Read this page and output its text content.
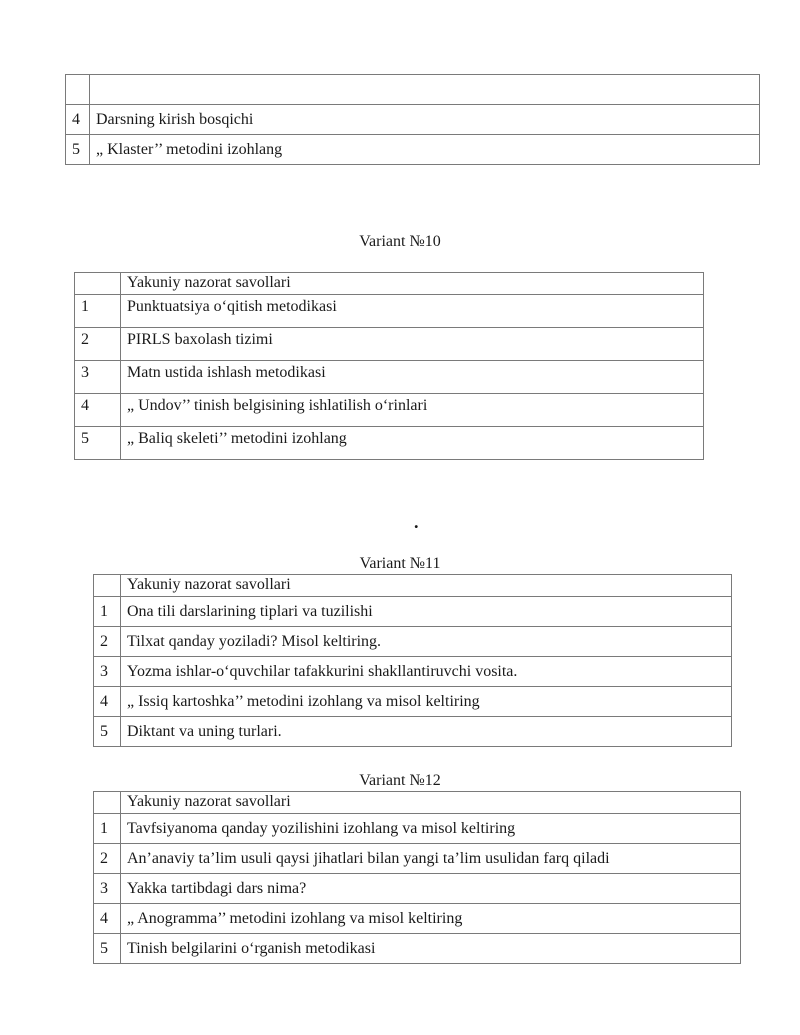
4	Darsning kirish bosqichi
5	„ Klaster’’ metodini izohlang
Variant №10
	Yakuniy nazorat savollari
1	Punktuatsiya o‘qitish metodikasi
2	PIRLS baxolash tizimi
3	Matn ustida ishlash metodikasi
4	„ Undov’’ tinish belgisining ishlatilish o‘rinlari
5	„ Baliq skeleti’’ metodini izohlang
.
Variant №11
	Yakuniy nazorat savollari
1	Ona tili darslarining tiplari va tuzilishi
2	Tilxat qanday yoziladi? Misol keltiring.
3	Yozma ishlar-o‘quvchilar tafakkurini shakllantiruvchi vosita.
4	„ Issiq kartoshka’’ metodini izohlang va misol keltiring
5	Diktant va uning turlari.
Variant №12
	Yakuniy nazorat savollari
1	Tavfsiyanoma qanday yozilishini izohlang va misol keltiring
2	An’anaviy ta’lim usuli qaysi jihatlari bilan yangi ta’lim usulidan farq qiladi
3	Yakka tartibdagi dars nima?
4	„ Anogramma’’ metodini izohlang va misol keltiring
5	Tinish belgilarini o‘rganish metodikasi
